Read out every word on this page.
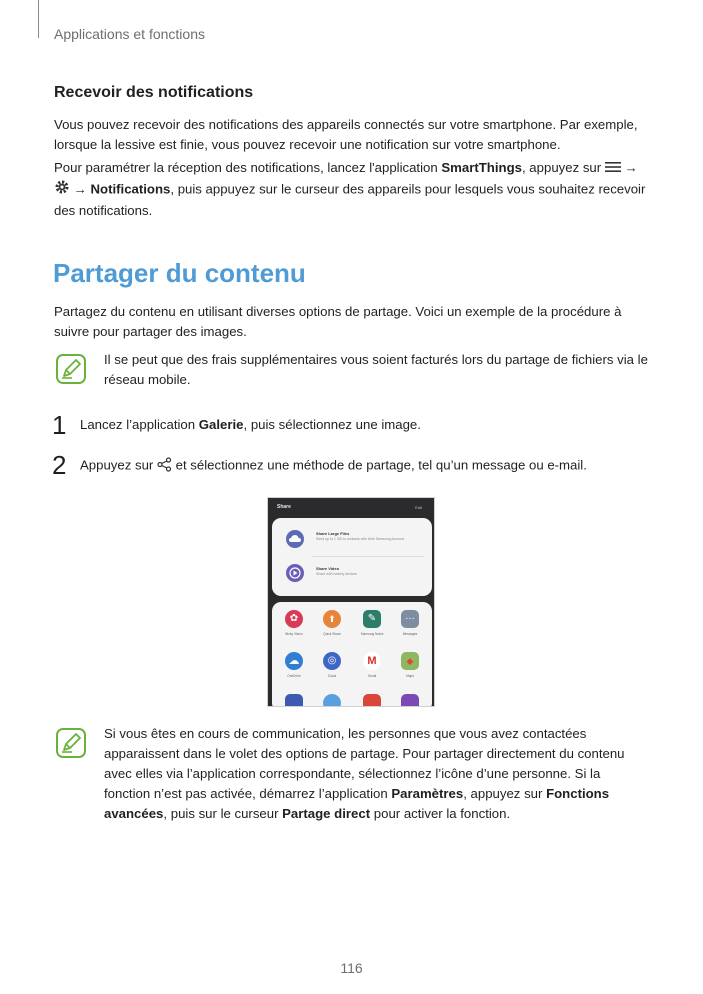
Applications et fonctions
Recevoir des notifications
Vous pouvez recevoir des notifications des appareils connectés sur votre smartphone. Par exemple, lorsque la lessive est finie, vous pouvez recevoir une notification sur votre smartphone.
Pour paramétrer la réception des notifications, lancez l'application SmartThings, appuyez sur  →
→ Notifications, puis appuyez sur le curseur des appareils pour lesquels vous souhaitez recevoir des notifications.
Partager du contenu
Partagez du contenu en utilisant diverses options de partage. Voici un exemple de la procédure à suivre pour partager des images.
Il se peut que des frais supplémentaires vous soient facturés lors du partage de fichiers via le réseau mobile.
1 Lancez l’application Galerie, puis sélectionnez une image.
2 Appuyez sur  et sélectionnez une méthode de partage, tel qu’un message ou e-mail.
Share	Edit
Share Large Files
Send up to 1 GB to contacts with their Samsung Account
Share Video
Share with nearby devices
✿
Bixby Vision
⬆
Quick Share
✎
Samsung Notes
…
Messages
☁
OneDrive
◎
Cloud
M
Gmail
◆
Maps
Si vous êtes en cours de communication, les personnes que vous avez contactées apparaissent dans le volet des options de partage. Pour partager directement du contenu avec elles via l’application correspondante, sélectionnez l’icône d’une personne. Si la fonction n’est pas activée, démarrez l’application Paramètres, appuyez sur Fonctions avancées, puis sur le curseur Partage direct pour activer la fonction.
116
